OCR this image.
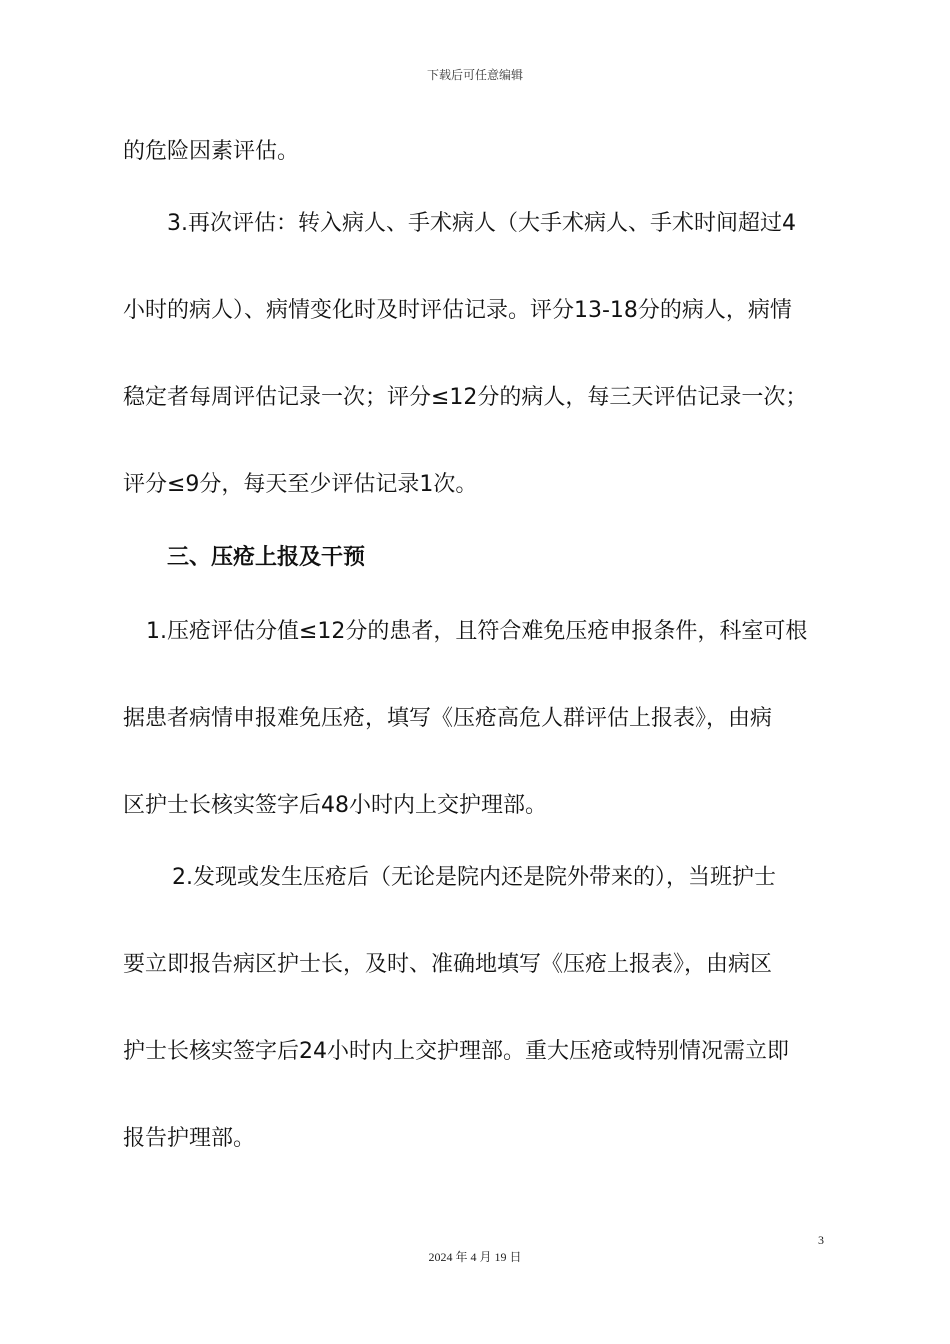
下载后可任意编辑
的危险因素评估。
3.再次评估：转入病人、手术病人（大手术病人、手术时间超过4
小时的病人）、病情变化时及时评估记录。评分13-18分的病人，病情
稳定者每周评估记录一次；评分≤12分的病人，每三天评估记录一次；
评分≤9分，每天至少评估记录1次。
三、压疮上报及干预
1.压疮评估分值≤12分的患者，且符合难免压疮申报条件，科室可根
据患者病情申报难免压疮，填写《压疮高危人群评估上报表》，由病
区护士长核实签字后48小时内上交护理部。
2.发现或发生压疮后（无论是院内还是院外带来的），当班护士
要立即报告病区护士长，及时、准确地填写《压疮上报表》，由病区
护士长核实签字后24小时内上交护理部。重大压疮或特别情况需立即
报告护理部。
3
2024 年 4 月 19 日
